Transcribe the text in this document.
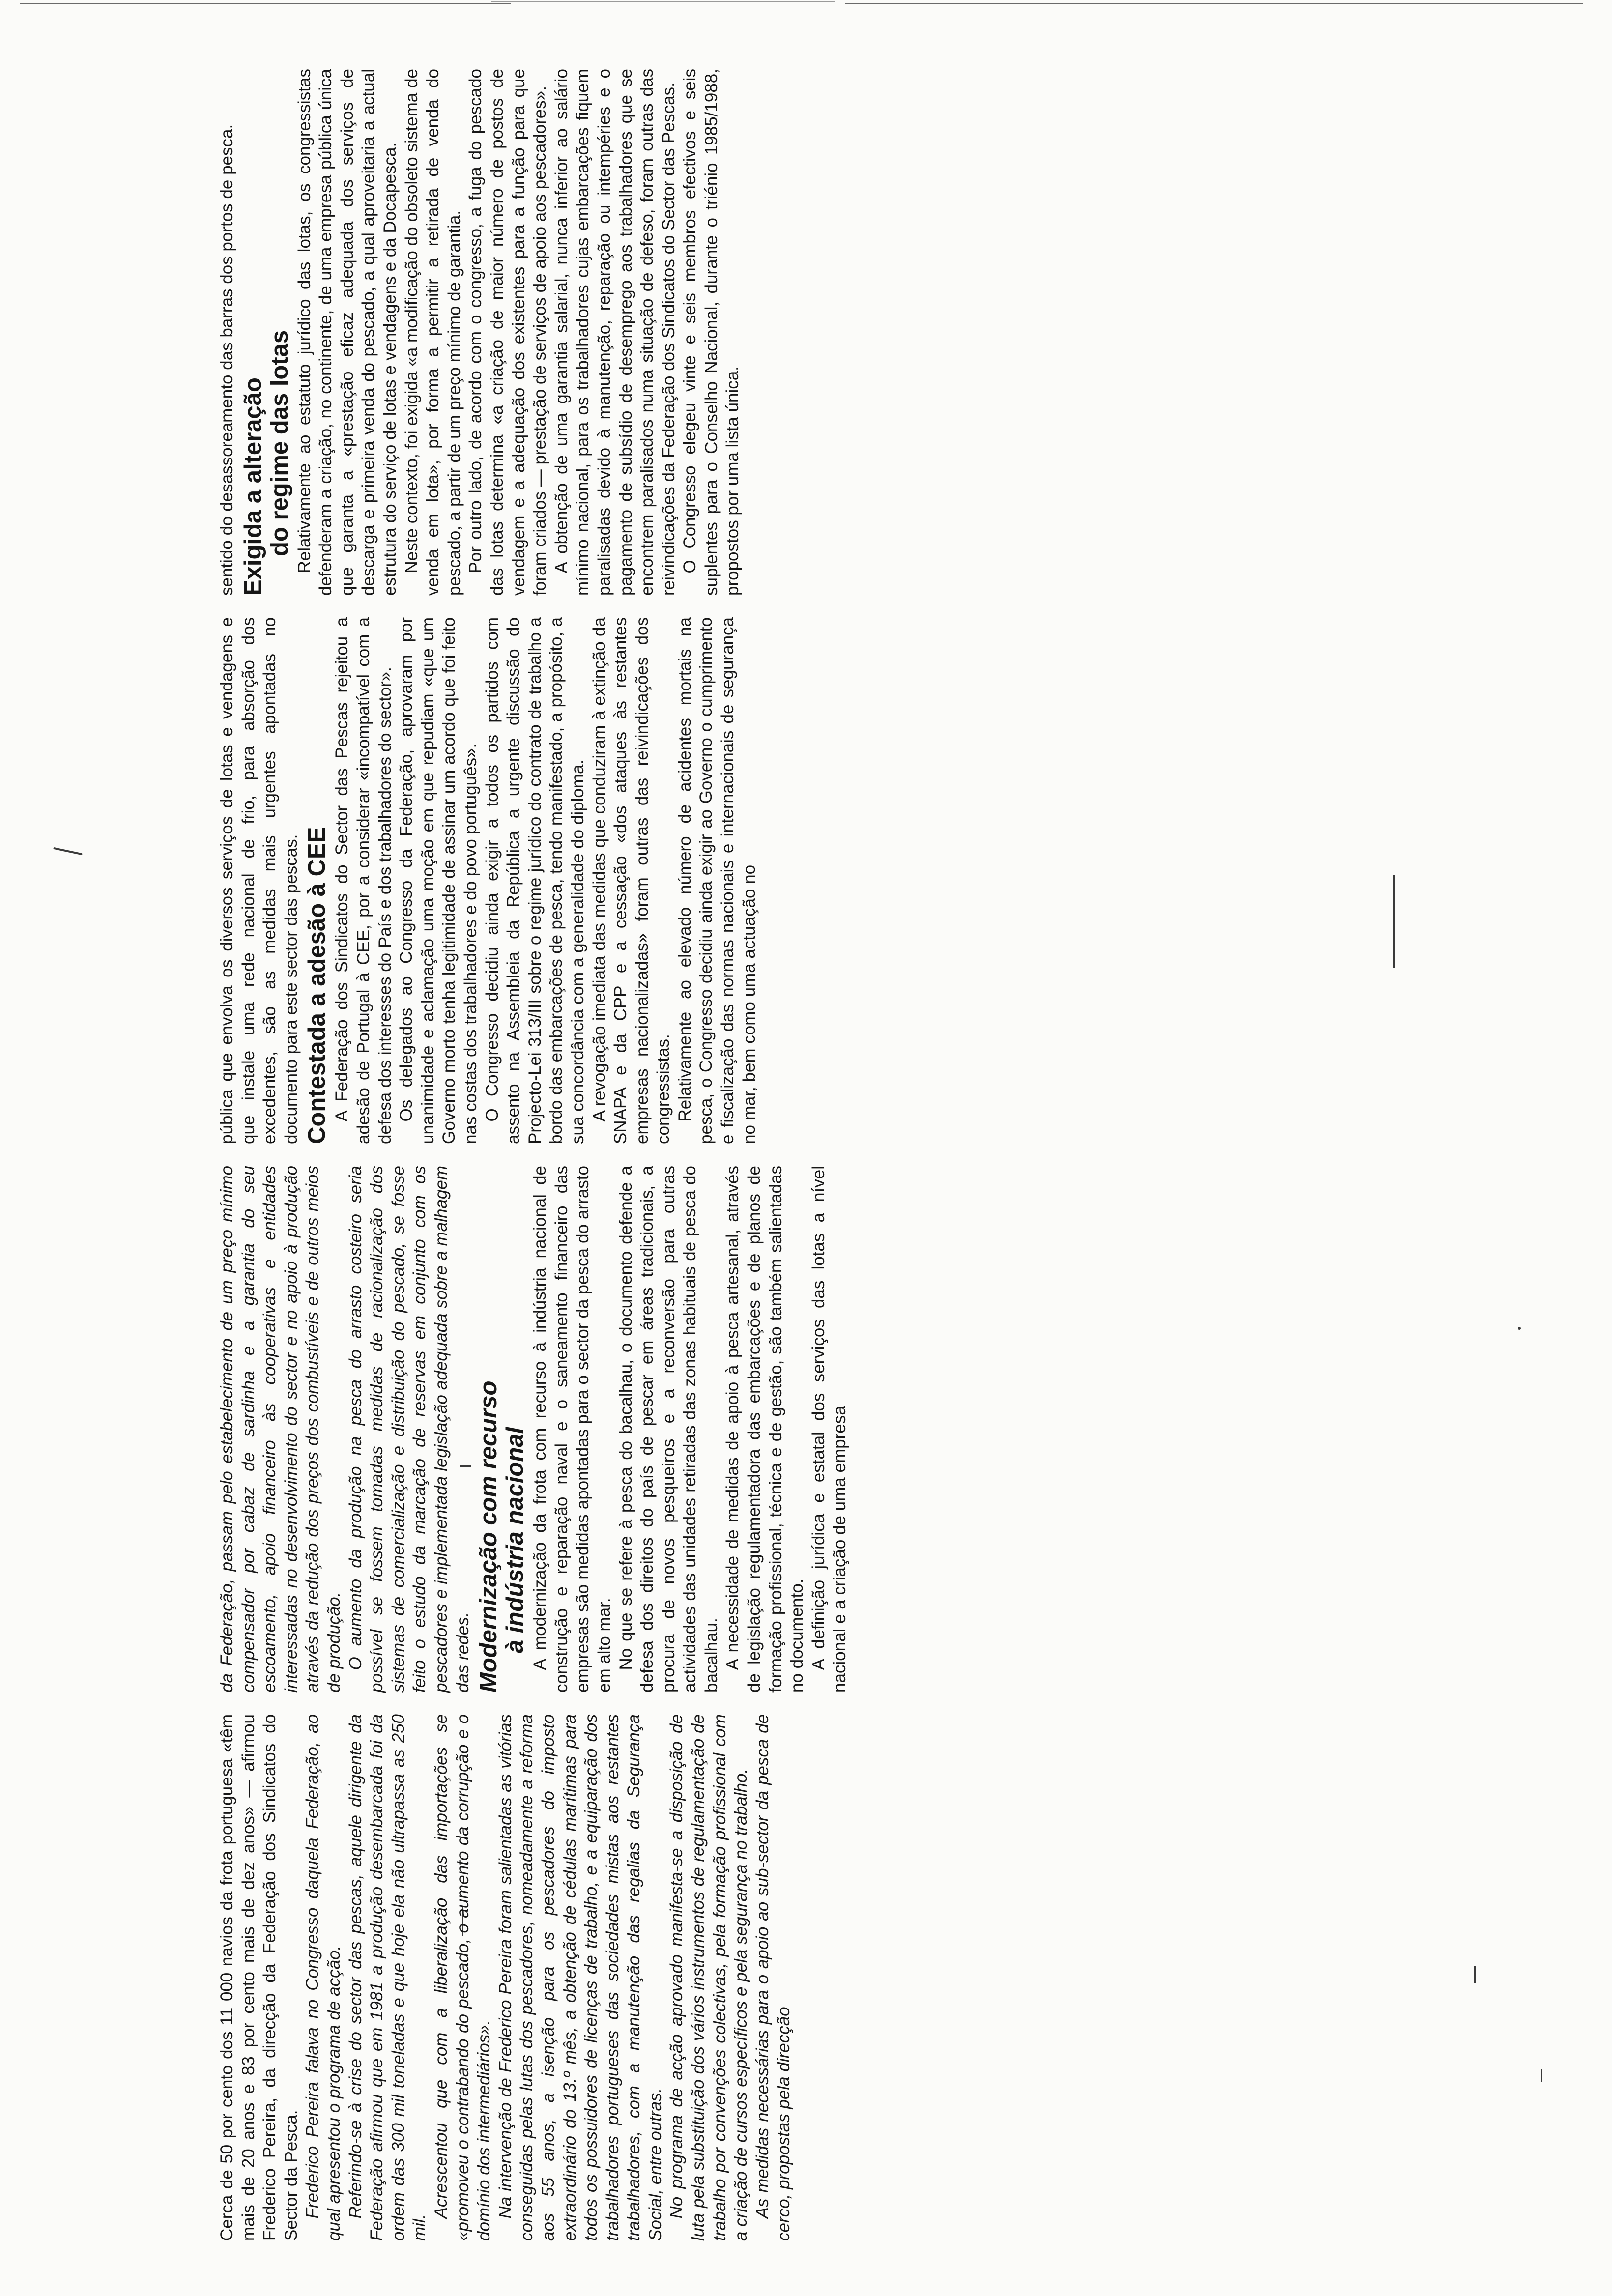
Cerca de 50 por cento dos 11 000 navios da frota portuguesa «têm mais de 20 anos e 83 por cento mais de dez anos» — afirmou Frederico Pereira, da direcção da Federação dos Sindicatos do Sector da Pesca. Frederico Pereira falava no Congresso daquela Federação, ao qual apresentou o programa de acção. Referindo-se à crise do sector das pescas, aquele dirigente da Federação afirmou que em 1981 a produção desembarcada foi da ordem das 300 mil toneladas e que hoje ela não ultrapassa as 250 mil.

Acrescentou que com a liberalização das importações se «promoveu o contrabando do pescado, o aumento da corrupção e o domínio dos intermediários». Na intervenção de Frederico Pereira foram salientadas as vitórias conseguidas pelas lutas dos pescadores, nomeadamente a reforma aos 55 anos, a isenção para os pescadores do imposto extraordinário do 13.º mês, a obtenção de cédulas marítimas para todos os possuidores de licenças de trabalho, e a equiparação dos trabalhadores portugueses das sociedades mistas aos restantes trabalhadores, com a manutenção das regalias da Segurança Social, entre outras. No programa de acção aprovado manifesta-se a disposição de luta pela substituição dos vários instrumentos de regulamentação de trabalho por convenções colectivas, pela formação profissional com a criação de cursos específicos e pela segurança no trabalho. As medidas necessárias para o apoio ao sub-sector da pesca de cerco, propostas pela direcção

da Federação, passam pelo estabelecimento de um preço mínimo compensador por cabaz de sardinha e a garantia do seu escoamento, apoio financeiro às cooperativas e entidades interessadas no desenvolvimento do sector e no apoio à produção através da redução dos preços dos combustíveis e de outros meios de produção. O aumento da produção na pesca do arrasto costeiro seria possível se fossem tomadas medidas de racionalização dos sistemas de comercialização e distribuição do pescado, se fosse feito o estudo da marcação de reservas em conjunto com os pescadores e implementada legislação adequada sobre a malhagem das redes. Modernização com recurso à indústria nacional A modernização da frota com recurso à indústria nacional de construção e reparação naval e o saneamento financeiro das empresas são medidas apontadas para o sector da pesca do arrasto em alto mar. No que se refere à pesca do bacalhau, o documento defende a defesa dos direitos do país de pescar em áreas tradicionais, a procura de novos pesqueiros e a reconversão para outras actividades das unidades retiradas das zonas habituais de pesca do bacalhau. A necessidade de medidas de apoio à pesca artesanal, através de legislação regulamentadora das embarcações e de planos de formação profissional, técnica e de gestão, são também salientadas no documento. A definição jurídica e estatal dos serviços das lotas a nível nacional e a criação de uma empresa

pública que envolva os diversos serviços de lotas e vendagens e que instale uma rede nacional de frio, para absorção dos excedentes, são as medidas mais urgentes apontadas no documento para este sector das pescas. Contestada a adesão à CEE A Federação dos Sindicatos do Sector das Pescas rejeitou a adesão de Portugal à CEE, por a considerar «incompatível com a defesa dos interesses do País e dos trabalhadores do sector». Os delegados ao Congresso da Federação, aprovaram por unanimidade e aclamação uma moção em que repudiam «que um Governo morto tenha legitimidade de assinar um acordo que foi feito nas costas dos trabalhadores e do povo português». O Congresso decidiu ainda exigir a todos os partidos com assento na Assembleia da República a urgente discussão do Projecto-Lei 313/III sobre o regime jurídico do contrato de trabalho a bordo das embarcações de pesca, tendo manifestado, a propósito, a sua concordância com a generalidade do diploma. A revogação imediata das medidas que conduziram à extinção da SNAPA e da CPP e a cessação «dos ataques às restantes empresas nacionalizadas» foram outras das reivindicações dos congressistas. Relativamente ao elevado número de acidentes mortais na pesca, o Congresso decidiu ainda exigir ao Governo o cumprimento e fiscalização das normas nacionais e internacionais de segurança no mar, bem como uma actuação no

sentido do desassoreamento das barras dos portos de pesca. Exigida a alteração do regime das lotas Relativamente ao estatuto jurídico das lotas, os congressistas defenderam a criação, no continente, de uma empresa pública única que garanta a «prestação eficaz adequada dos serviços de descarga e primeira venda do pescado, a qual aproveitaria a actual estrutura do serviço de lotas e vendagens e da Docapesca. Neste contexto, foi exigida «a modificação do obsoleto sistema de venda em lota», por forma a permitir a retirada de venda do pescado, a partir de um preço mínimo de garantia. Por outro lado, de acordo com o congresso, a fuga do pescado das lotas determina «a criação de maior número de postos de vendagem e a adequação dos existentes para a função para que foram criados — prestação de serviços de apoio aos pescadores». A obtenção de uma garantia salarial, nunca inferior ao salário mínimo nacional, para os trabalhadores cujas embarcações fiquem paralisadas devido à manutenção, reparação ou intempéries e o pagamento de subsídio de desemprego aos trabalhadores que se encontrem paralisados numa situação de defeso, foram outras das reivindicações da Federação dos Sindicatos do Sector das Pescas. O Congresso elegeu vinte e seis membros efectivos e seis suplentes para o Conselho Nacional, durante o triénio 1985/1988, propostos por uma lista única.
